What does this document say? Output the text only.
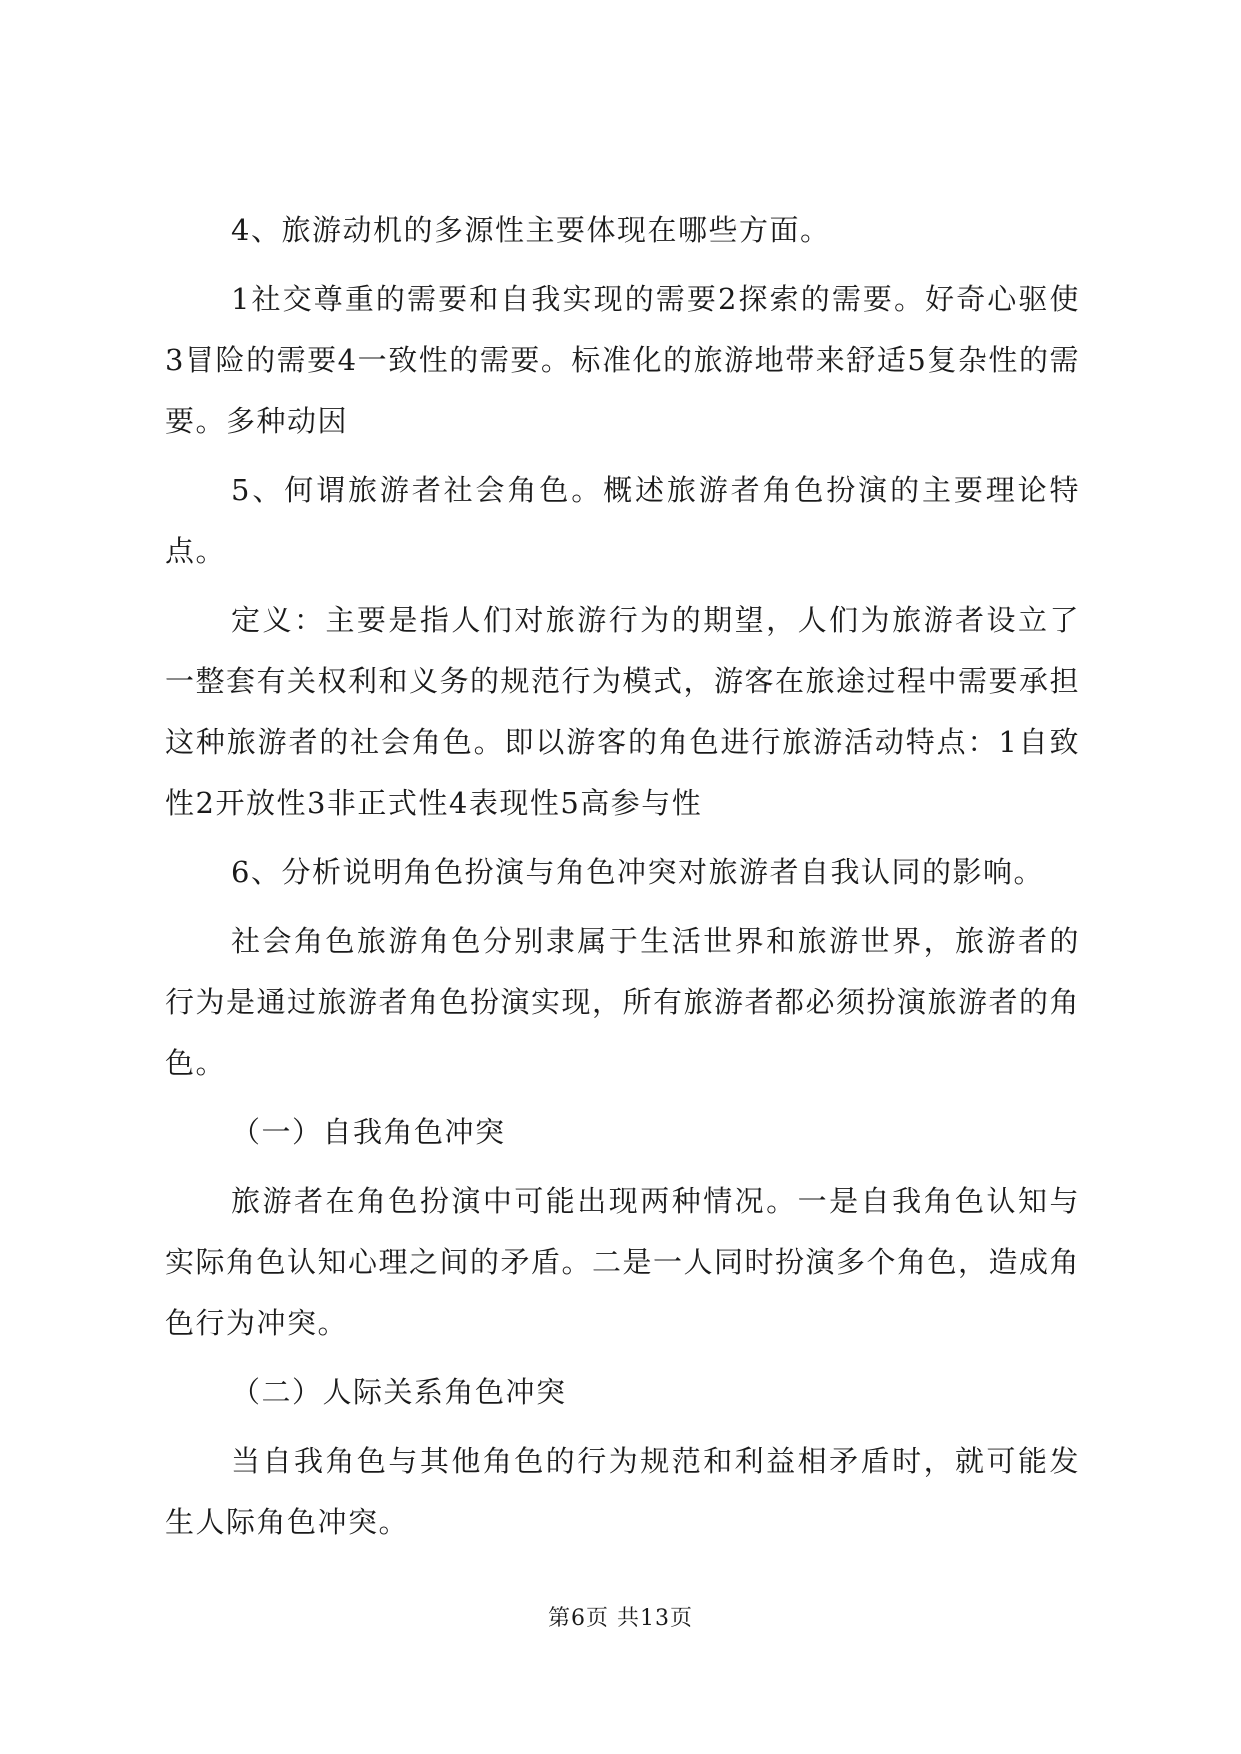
4、旅游动机的多源性主要体现在哪些方面。

1社交尊重的需要和自我实现的需要2探索的需要。好奇心驱使3冒险的需要4一致性的需要。标准化的旅游地带来舒适5复杂性的需要。多种动因

5、何谓旅游者社会角色。概述旅游者角色扮演的主要理论特点。

定义：主要是指人们对旅游行为的期望，人们为旅游者设立了一整套有关权利和义务的规范行为模式，游客在旅途过程中需要承担这种旅游者的社会角色。即以游客的角色进行旅游活动特点：1自致性2开放性3非正式性4表现性5高参与性

6、分析说明角色扮演与角色冲突对旅游者自我认同的影响。

社会角色旅游角色分别隶属于生活世界和旅游世界，旅游者的行为是通过旅游者角色扮演实现，所有旅游者都必须扮演旅游者的角色。

（一）自我角色冲突

旅游者在角色扮演中可能出现两种情况。一是自我角色认知与实际角色认知心理之间的矛盾。二是一人同时扮演多个角色，造成角色行为冲突。

（二）人际关系角色冲突

当自我角色与其他角色的行为规范和利益相矛盾时，就可能发生人际角色冲突。

第6页 共13页
